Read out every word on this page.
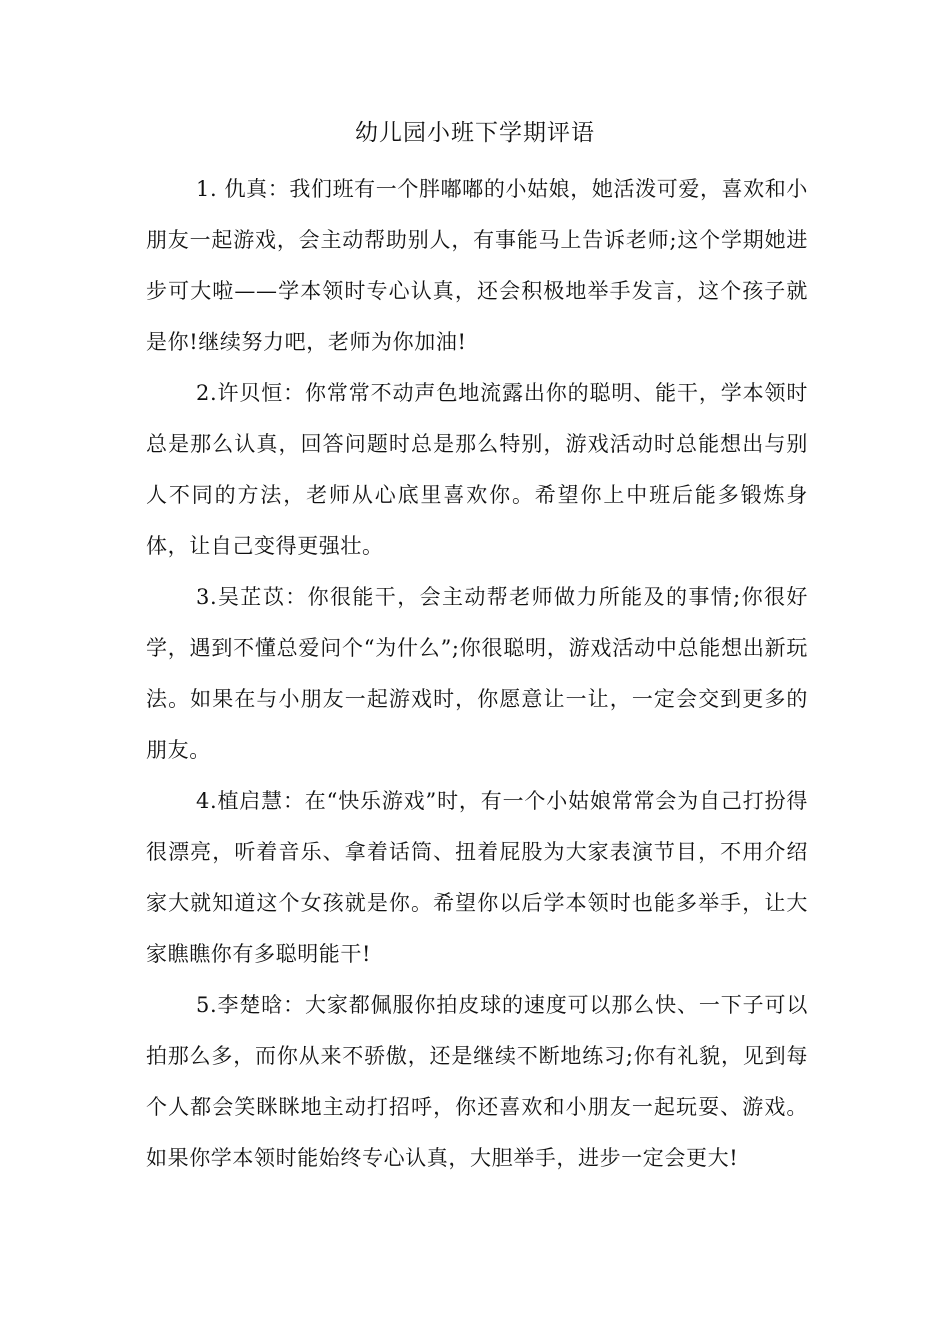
幼儿园小班下学期评语

1. 仇真：我们班有一个胖嘟嘟的小姑娘，她活泼可爱，喜欢和小朋友一起游戏，会主动帮助别人，有事能马上告诉老师;这个学期她进步可大啦——学本领时专心认真，还会积极地举手发言，这个孩子就是你!继续努力吧，老师为你加油!

2.许贝恒：你常常不动声色地流露出你的聪明、能干，学本领时总是那么认真，回答问题时总是那么特别，游戏活动时总能想出与别人不同的方法，老师从心底里喜欢你。希望你上中班后能多锻炼身体，让自己变得更强壮。

3.吴芷苡：你很能干，会主动帮老师做力所能及的事情;你很好学，遇到不懂总爱问个“为什么”;你很聪明，游戏活动中总能想出新玩法。如果在与小朋友一起游戏时，你愿意让一让，一定会交到更多的朋友。

4.植启慧：在“快乐游戏”时，有一个小姑娘常常会为自己打扮得很漂亮，听着音乐、拿着话筒、扭着屁股为大家表演节目，不用介绍家大就知道这个女孩就是你。希望你以后学本领时也能多举手，让大家瞧瞧你有多聪明能干!

5.李楚晗：大家都佩服你拍皮球的速度可以那么快、一下子可以拍那么多，而你从来不骄傲，还是继续不断地练习;你有礼貌，见到每个人都会笑眯眯地主动打招呼，你还喜欢和小朋友一起玩耍、游戏。如果你学本领时能始终专心认真，大胆举手，进步一定会更大!
